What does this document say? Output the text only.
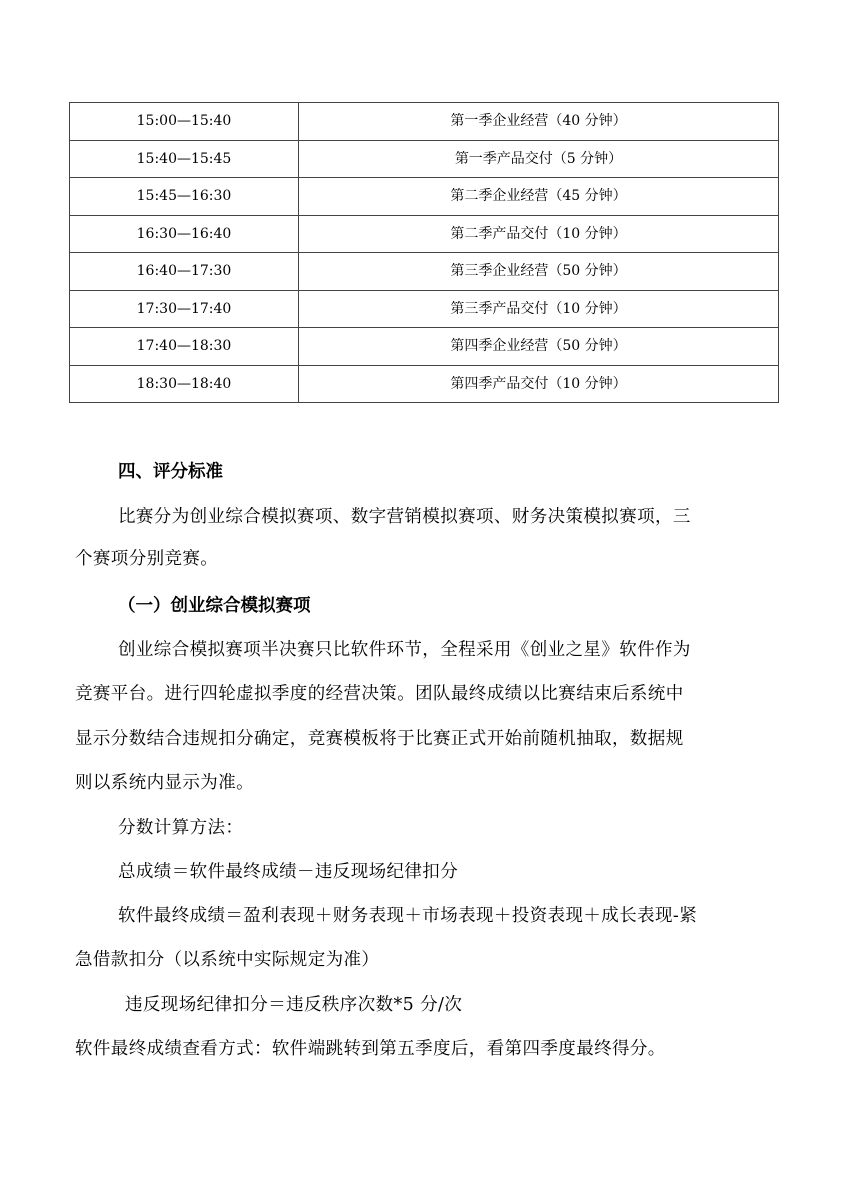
15:00—15:40	第一季企业经营（40 分钟）
15:40—15:45	第一季产品交付（5 分钟）
15:45—16:30	第二季企业经营（45 分钟）
16:30—16:40	第二季产品交付（10 分钟）
16:40—17:30	第三季企业经营（50 分钟）
17:30—17:40	第三季产品交付（10 分钟）
17:40—18:30	第四季企业经营（50 分钟）
18:30—18:40	第四季产品交付（10 分钟）
四、评分标准
比赛分为创业综合模拟赛项、数字营销模拟赛项、财务决策模拟赛项，三
个赛项分别竞赛。
（一）创业综合模拟赛项
创业综合模拟赛项半决赛只比软件环节，全程采用《创业之星》软件作为
竞赛平台。进行四轮虚拟季度的经营决策。团队最终成绩以比赛结束后系统中
显示分数结合违规扣分确定，竞赛模板将于比赛正式开始前随机抽取，数据规
则以系统内显示为准。
分数计算方法：
总成绩＝软件最终成绩－违反现场纪律扣分
软件最终成绩＝盈利表现＋财务表现＋市场表现＋投资表现＋成长表现-紧
急借款扣分（以系统中实际规定为准）
违反现场纪律扣分＝违反秩序次数*5 分/次
软件最终成绩查看方式：软件端跳转到第五季度后，看第四季度最终得分。
